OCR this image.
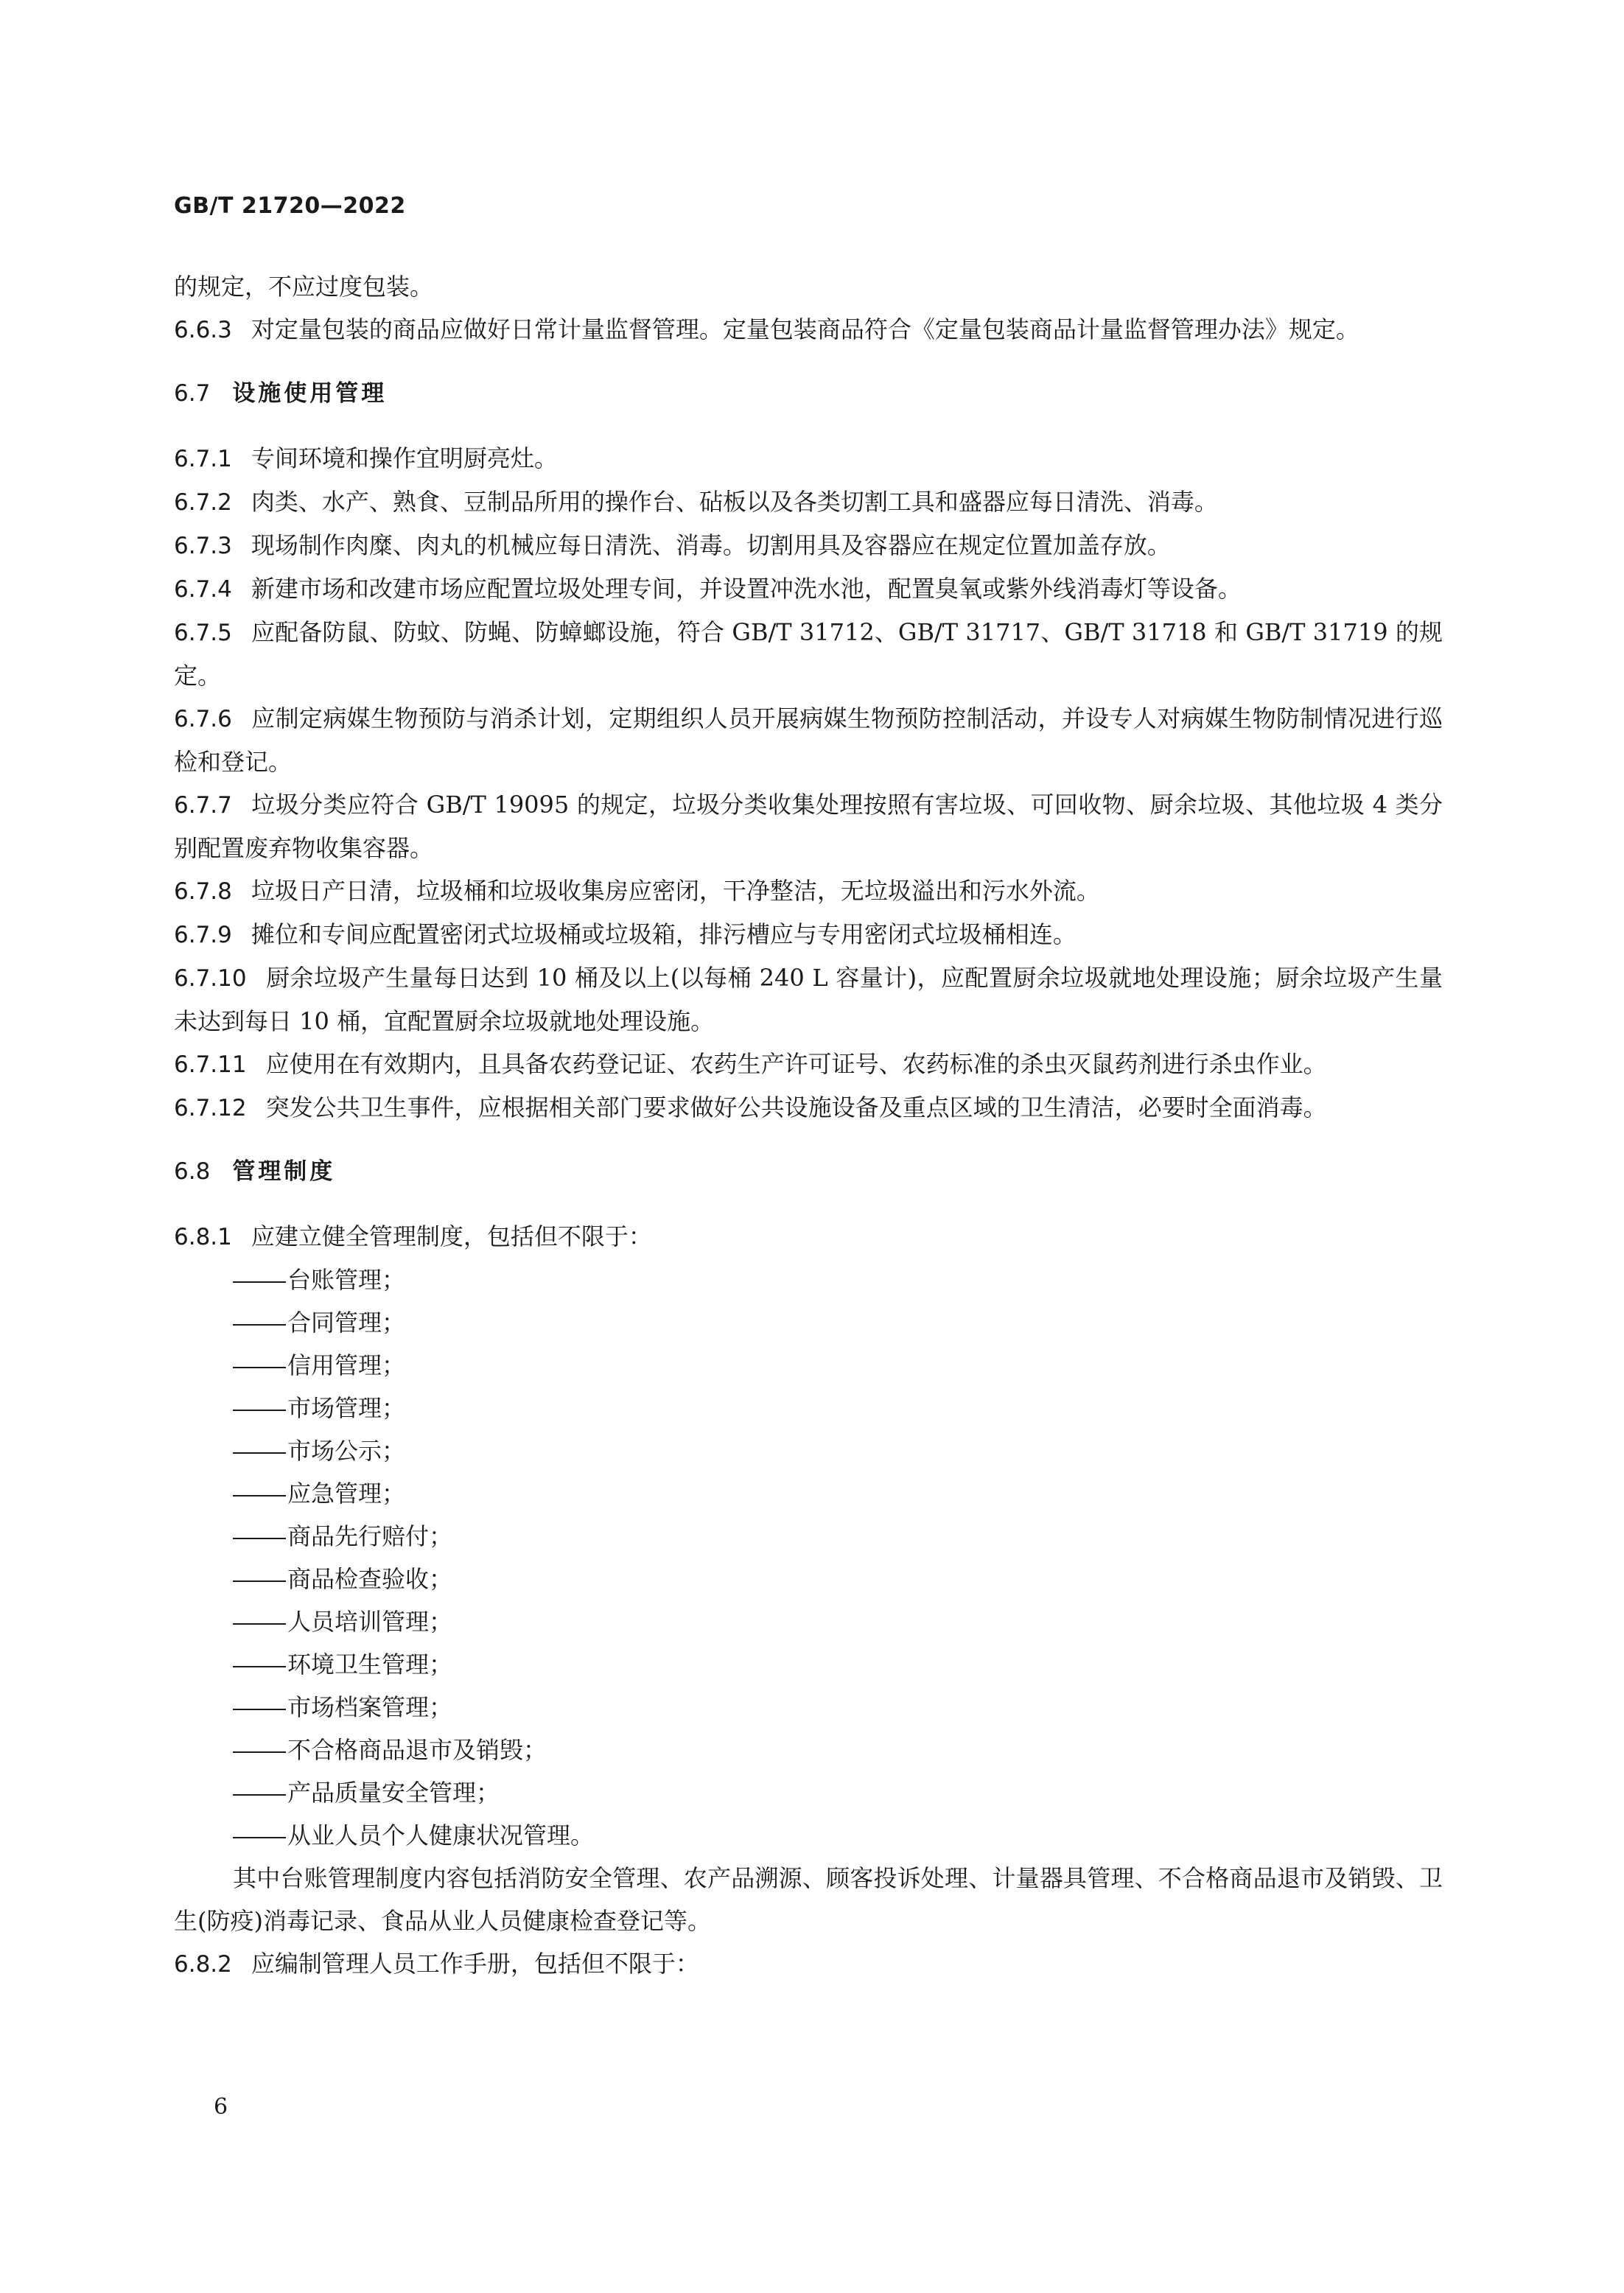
GB/T 21720—2022

的规定，不应过度包装。

6.6.3 对定量包装的商品应做好日常计量监督管理。定量包装商品符合《定量包装商品计量监督管理办法》规定。

6.7 设施使用管理

6.7.1 专间环境和操作宜明厨亮灶。

6.7.2 肉类、水产、熟食、豆制品所用的操作台、砧板以及各类切割工具和盛器应每日清洗、消毒。

6.7.3 现场制作肉糜、肉丸的机械应每日清洗、消毒。切割用具及容器应在规定位置加盖存放。

6.7.4 新建市场和改建市场应配置垃圾处理专间，并设置冲洗水池，配置臭氧或紫外线消毒灯等设备。

6.7.5 应配备防鼠、防蚊、防蝇、防蟑螂设施，符合 GB/T 31712、GB/T 31717、GB/T 31718 和 GB/T 31719 的规定。

6.7.6 应制定病媒生物预防与消杀计划，定期组织人员开展病媒生物预防控制活动，并设专人对病媒生物防制情况进行巡检和登记。

6.7.7 垃圾分类应符合 GB/T 19095 的规定，垃圾分类收集处理按照有害垃圾、可回收物、厨余垃圾、其他垃圾 4 类分别配置废弃物收集容器。

6.7.8 垃圾日产日清，垃圾桶和垃圾收集房应密闭，干净整洁，无垃圾溢出和污水外流。

6.7.9 摊位和专间应配置密闭式垃圾桶或垃圾箱，排污槽应与专用密闭式垃圾桶相连。

6.7.10 厨余垃圾产生量每日达到 10 桶及以上(以每桶 240 L 容量计)，应配置厨余垃圾就地处理设施；厨余垃圾产生量未达到每日 10 桶，宜配置厨余垃圾就地处理设施。

6.7.11 应使用在有效期内，且具备农药登记证、农药生产许可证号、农药标准的杀虫灭鼠药剂进行杀虫作业。

6.7.12 突发公共卫生事件，应根据相关部门要求做好公共设施设备及重点区域的卫生清洁，必要时全面消毒。

6.8 管理制度

6.8.1 应建立健全管理制度，包括但不限于：

台账管理；
合同管理；
信用管理；
市场管理；
市场公示；
应急管理；
商品先行赔付；
商品检查验收；
人员培训管理；
环境卫生管理；
市场档案管理；
不合格商品退市及销毁；
产品质量安全管理；
从业人员个人健康状况管理。

其中台账管理制度内容包括消防安全管理、农产品溯源、顾客投诉处理、计量器具管理、不合格商品退市及销毁、卫生(防疫)消毒记录、食品从业人员健康检查登记等。

6.8.2 应编制管理人员工作手册，包括但不限于：

6
